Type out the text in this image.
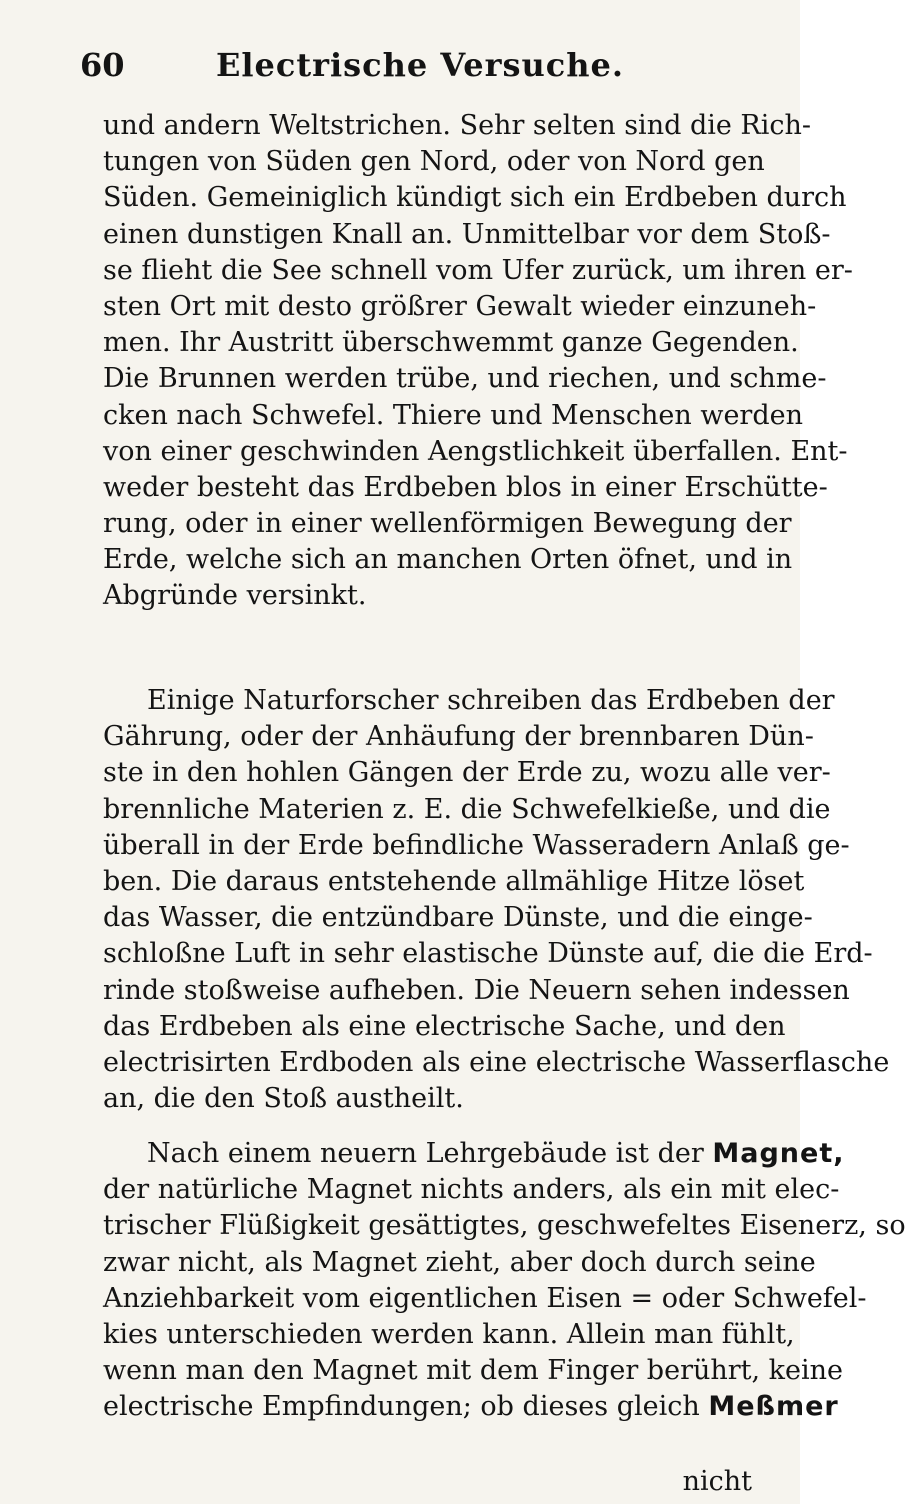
60	Electrische Versuche.
und andern Weltstrichen. Sehr selten sind die Rich-
tungen von Süden gen Nord, oder von Nord gen
Süden. Gemeiniglich kündigt sich ein Erdbeben durch
einen dunstigen Knall an. Unmittelbar vor dem Stoß-
se flieht die See schnell vom Ufer zurück, um ihren er-
sten Ort mit desto größrer Gewalt wieder einzuneh-
men. Ihr Austritt überschwemmt ganze Gegenden.
Die Brunnen werden trübe, und riechen, und schme-
cken nach Schwefel. Thiere und Menschen werden
von einer geschwinden Aengstlichkeit überfallen. Ent-
weder besteht das Erdbeben blos in einer Erschütte-
rung, oder in einer wellenförmigen Bewegung der
Erde, welche sich an manchen Orten öfnet, und in
Abgründe versinkt.
Einige Naturforscher schreiben das Erdbeben der
Gährung, oder der Anhäufung der brennbaren Dün-
ste in den hohlen Gängen der Erde zu, wozu alle ver-
brennliche Materien z. E. die Schwefelkieße, und die
überall in der Erde befindliche Wasseradern Anlaß ge-
ben. Die daraus entstehende allmählige Hitze löset
das Wasser, die entzündbare Dünste, und die einge-
schloßne Luft in sehr elastische Dünste auf, die die Erd-
rinde stoßweise aufheben. Die Neuern sehen indessen
das Erdbeben als eine electrische Sache, und den
electrisirten Erdboden als eine electrische Wasserflasche
an, die den Stoß austheilt.
Nach einem neuern Lehrgebäude ist der Magnet,
der natürliche Magnet nichts anders, als ein mit elec-
trischer Flüßigkeit gesättigtes, geschwefeltes Eisenerz, so
zwar nicht, als Magnet zieht, aber doch durch seine
Anziehbarkeit vom eigentlichen Eisen = oder Schwefel-
kies unterschieden werden kann. Allein man fühlt,
wenn man den Magnet mit dem Finger berührt, keine
electrische Empfindungen; ob dieses gleich Meßmer
nicht
